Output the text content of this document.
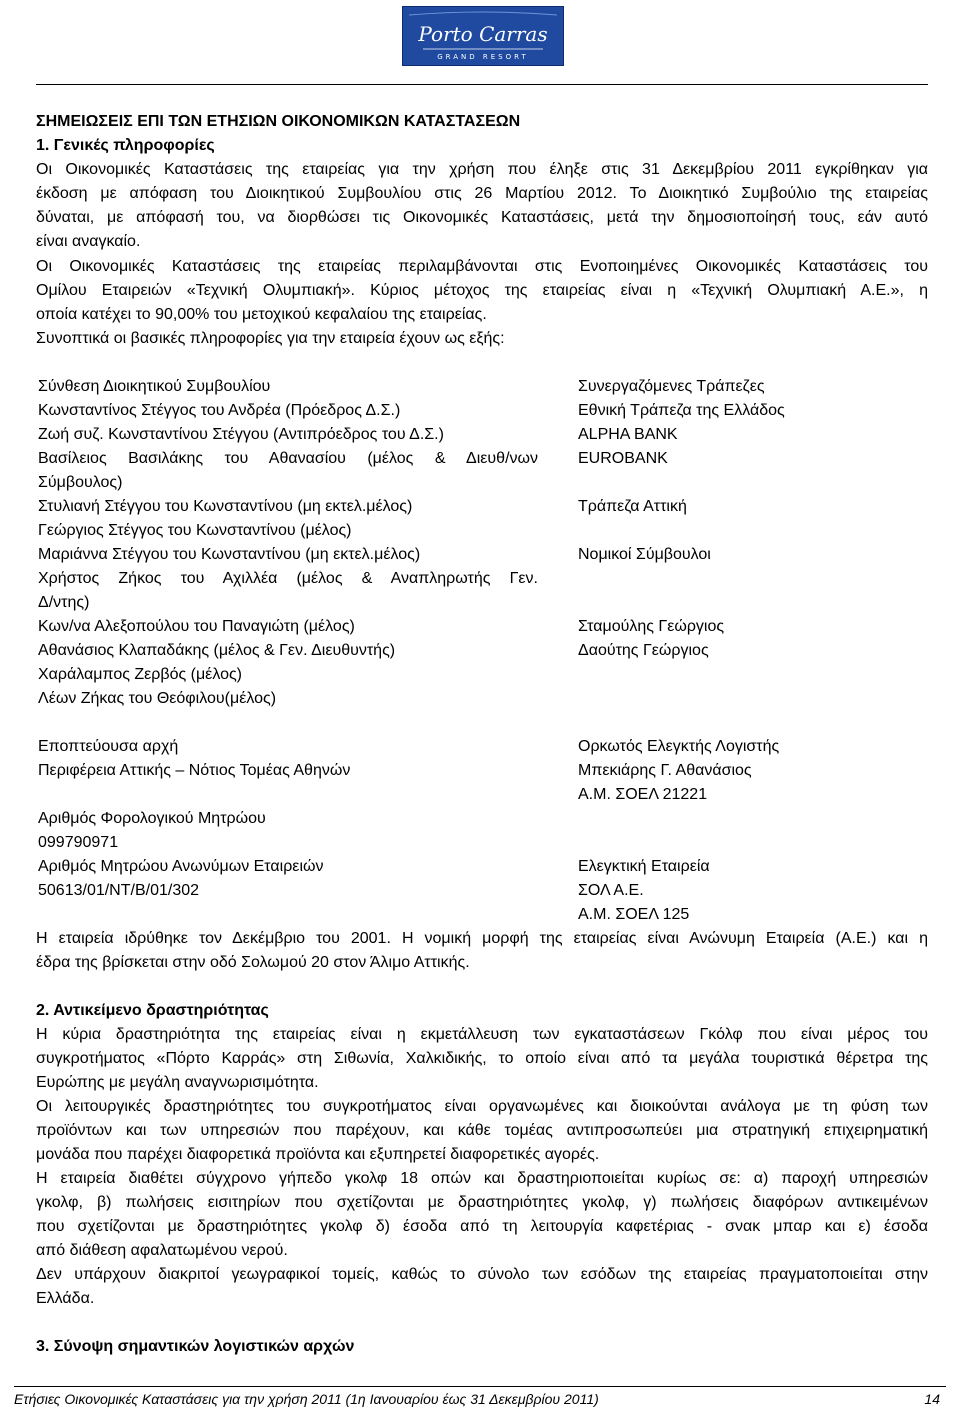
Porto Carras
GRAND RESORT
ΣΗΜΕΙΩΣΕΙΣ ΕΠΙ ΤΩΝ ΕΤΗΣΙΩΝ ΟΙΚΟΝΟΜΙΚΩΝ ΚΑΤΑΣΤΑΣΕΩΝ
1. Γενικές πληροφορίες
Οι Οικονομικές Καταστάσεις της εταιρείας για την χρήση που έληξε στις 31 Δεκεμβρίου 2011 εγκρίθηκαν για
έκδοση με απόφαση του Διοικητικού Συμβουλίου στις 26 Μαρτίου 2012. Το Διοικητικό Συμβούλιο της εταιρείας
δύναται, με απόφασή του, να διορθώσει τις Οικονομικές Καταστάσεις, μετά την δημοσιοποίησή τους, εάν αυτό
είναι αναγκαίο.
Οι Οικονομικές Καταστάσεις της εταιρείας περιλαμβάνονται στις Ενοποιημένες Οικονομικές Καταστάσεις του
Ομίλου Εταιρειών «Τεχνική Ολυμπιακή». Κύριος μέτοχος της εταιρείας είναι η «Τεχνική Ολυμπιακή Α.Ε.», η
οποία κατέχει το 90,00% του μετοχικού κεφαλαίου της εταιρείας.
Συνοπτικά οι βασικές πληροφορίες για την εταιρεία έχουν ως εξής:
Σύνθεση Διοικητικού Συμβουλίου
Κωνσταντίνος Στέγγος του Ανδρέα (Πρόεδρος Δ.Σ.)
Ζωή συζ. Κωνσταντίνου Στέγγου (Αντιπρόεδρος του Δ.Σ.)
Βασίλειος Βασιλάκης του Αθανασίου (μέλος & Διευθ/νων
Σύμβουλος)
Στυλιανή Στέγγου του Κωνσταντίνου (μη εκτελ.μέλος)
Γεώργιος Στέγγος του Κωνσταντίνου (μέλος)
Μαριάννα Στέγγου του Κωνσταντίνου (μη εκτελ.μέλος)
Χρήστος Ζήκος του Αχιλλέα (μέλος & Αναπληρωτής Γεν.
Δ/ντης)
Κων/να Αλεξοπούλου του Παναγιώτη (μέλος)
Αθανάσιος Κλαπαδάκης (μέλος & Γεν. Διευθυντής)
Χαράλαμπος Ζερβός (μέλος)
Λέων Ζήκας του Θεόφιλου(μέλος)
Συνεργαζόμενες Τράπεζες
Εθνική Τράπεζα της Ελλάδος
ALPHA BANK
EUROBANK
Τράπεζα Αττική
Νομικοί Σύμβουλοι
Σταμούλης Γεώργιος
Δαούτης Γεώργιος
Εποπτεύουσα αρχή
Περιφέρεια Αττικής – Νότιος Τομέας Αθηνών
Ορκωτός Ελεγκτής Λογιστής
Μπεκιάρης Γ. Αθανάσιος
Α.Μ. ΣΟΕΛ 21221
Αριθμός Φορολογικού Μητρώου
099790971
Αριθμός Μητρώου Ανωνύμων Εταιρειών
50613/01/ΝΤ/Β/01/302
Ελεγκτική Εταιρεία
ΣΟΛ Α.Ε.
Α.Μ. ΣΟΕΛ 125
Η εταιρεία ιδρύθηκε τον Δεκέμβριο του 2001. Η νομική μορφή της εταιρείας είναι Ανώνυμη Εταιρεία (Α.Ε.) και η
έδρα της βρίσκεται στην οδό Σολωμού 20 στον Άλιμο Αττικής.
2. Αντικείμενο δραστηριότητας
Η κύρια δραστηριότητα της εταιρείας είναι η εκμετάλλευση των εγκαταστάσεων Γκόλφ που είναι μέρος του
συγκροτήματος «Πόρτο Καρράς» στη Σιθωνία, Χαλκιδικής, το οποίο είναι από τα μεγάλα τουριστικά θέρετρα της
Ευρώπης με μεγάλη αναγνωρισιμότητα.
Οι λειτουργικές δραστηριότητες του συγκροτήματος είναι οργανωμένες και διοικούνται ανάλογα με τη φύση των
προϊόντων και των υπηρεσιών που παρέχουν, και κάθε τομέας αντιπροσωπεύει μια στρατηγική επιχειρηματική
μονάδα που παρέχει διαφορετικά προϊόντα και εξυπηρετεί διαφορετικές αγορές.
Η εταιρεία διαθέτει σύγχρονο γήπεδο γκολφ 18 οπών και δραστηριοποιείται κυρίως σε: α) παροχή υπηρεσιών
γκολφ, β) πωλήσεις εισιτηρίων που σχετίζονται με δραστηριότητες γκολφ, γ) πωλήσεις διαφόρων αντικειμένων
που σχετίζονται με δραστηριότητες γκολφ δ) έσοδα από τη λειτουργία καφετέριας - σνακ μπαρ και ε) έσοδα
από διάθεση αφαλατωμένου νερού.
Δεν υπάρχουν διακριτοί γεωγραφικοί τομείς, καθώς το σύνολο των εσόδων της εταιρείας πραγματοποιείται στην
Ελλάδα.
3. Σύνοψη σημαντικών λογιστικών αρχών
Ετήσιες Οικονομικές Καταστάσεις για την χρήση 2011 (1η Ιανουαρίου έως 31 Δεκεμβρίου 2011)	14
